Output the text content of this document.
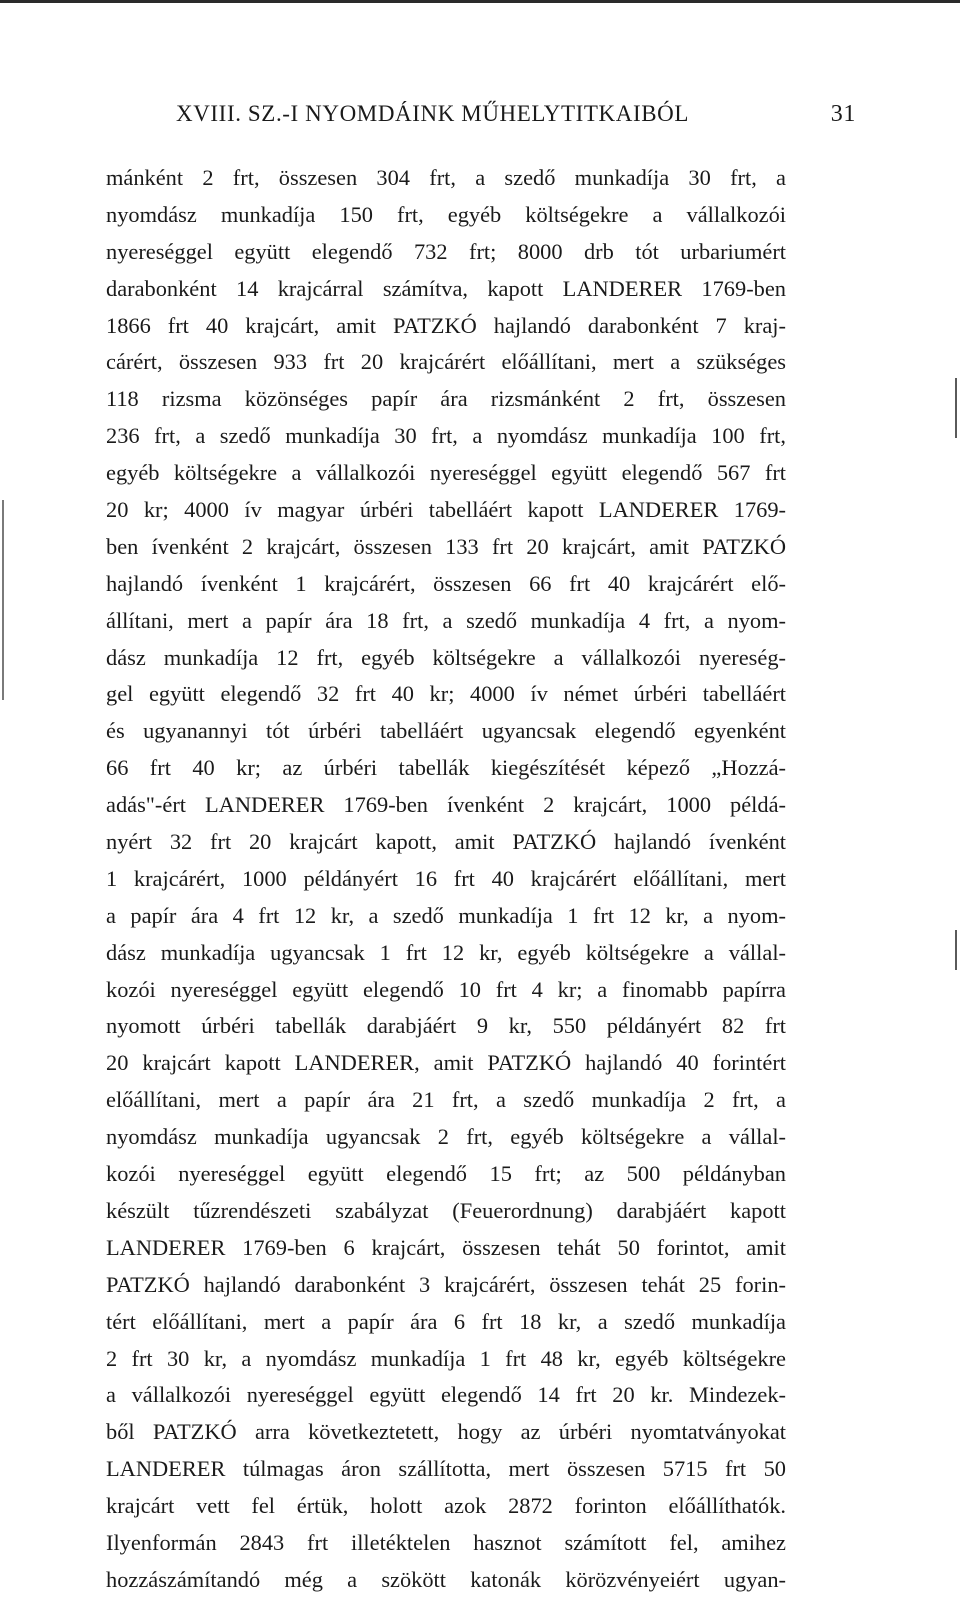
XVIII. SZ.-I NYOMDÁINK MŰHELYTITKAIBÓL	31
mánként 2 frt, összesen 304 frt, a szedő munkadíja 30 frt, a
nyomdász munkadíja 150 frt, egyéb költségekre a vállalkozói
nyereséggel együtt elegendő 732 frt; 8000 drb tót urbariumért
darabonként 14 krajcárral számítva, kapott LANDERER 1769-ben
1866 frt 40 krajcárt, amit PATZKÓ hajlandó darabonként 7 kraj-
cárért, összesen 933 frt 20 krajcárért előállítani, mert a szükséges
118 rizsma közönséges papír ára rizsmánként 2 frt, összesen
236 frt, a szedő munkadíja 30 frt, a nyomdász munkadíja 100 frt,
egyéb költségekre a vállalkozói nyereséggel együtt elegendő 567 frt
20 kr; 4000 ív magyar úrbéri tabelláért kapott LANDERER 1769-
ben ívenként 2 krajcárt, összesen 133 frt 20 krajcárt, amit PATZKÓ
hajlandó ívenként 1 krajcárért, összesen 66 frt 40 krajcárért elő-
állítani, mert a papír ára 18 frt, a szedő munkadíja 4 frt, a nyom-
dász munkadíja 12 frt, egyéb költségekre a vállalkozói nyereség-
gel együtt elegendő 32 frt 40 kr; 4000 ív német úrbéri tabelláért
és ugyanannyi tót úrbéri tabelláért ugyancsak elegendő egyenként
66 frt 40 kr; az úrbéri tabellák kiegészítését képező „Hozzá-
adás"-ért LANDERER 1769-ben ívenként 2 krajcárt, 1000 példá-
nyért 32 frt 20 krajcárt kapott, amit PATZKÓ hajlandó ívenként
1 krajcárért, 1000 példányért 16 frt 40 krajcárért előállítani, mert
a papír ára 4 frt 12 kr, a szedő munkadíja 1 frt 12 kr, a nyom-
dász munkadíja ugyancsak 1 frt 12 kr, egyéb költségekre a vállal-
kozói nyereséggel együtt elegendő 10 frt 4 kr; a finomabb papírra
nyomott úrbéri tabellák darabjáért 9 kr, 550 példányért 82 frt
20 krajcárt kapott LANDERER, amit PATZKÓ hajlandó 40 forintért
előállítani, mert a papír ára 21 frt, a szedő munkadíja 2 frt, a
nyomdász munkadíja ugyancsak 2 frt, egyéb költségekre a vállal-
kozói nyereséggel együtt elegendő 15 frt; az 500 példányban
készült tűzrendészeti szabályzat (Feuerordnung) darabjáért kapott
LANDERER 1769-ben 6 krajcárt, összesen tehát 50 forintot, amit
PATZKÓ hajlandó darabonként 3 krajcárért, összesen tehát 25 forin-
tért előállítani, mert a papír ára 6 frt 18 kr, a szedő munkadíja
2 frt 30 kr, a nyomdász munkadíja 1 frt 48 kr, egyéb költségekre
a vállalkozói nyereséggel együtt elegendő 14 frt 20 kr. Mindezek-
ből PATZKÓ arra következtetett, hogy az úrbéri nyomtatványokat
LANDERER túlmagas áron szállította, mert összesen 5715 frt 50
krajcárt vett fel értük, holott azok 2872 forinton előállíthatók.
Ilyenformán 2843 frt illetéktelen hasznot számított fel, amihez
hozzászámítandó még a szökött katonák körözvényeiért ugyan-
